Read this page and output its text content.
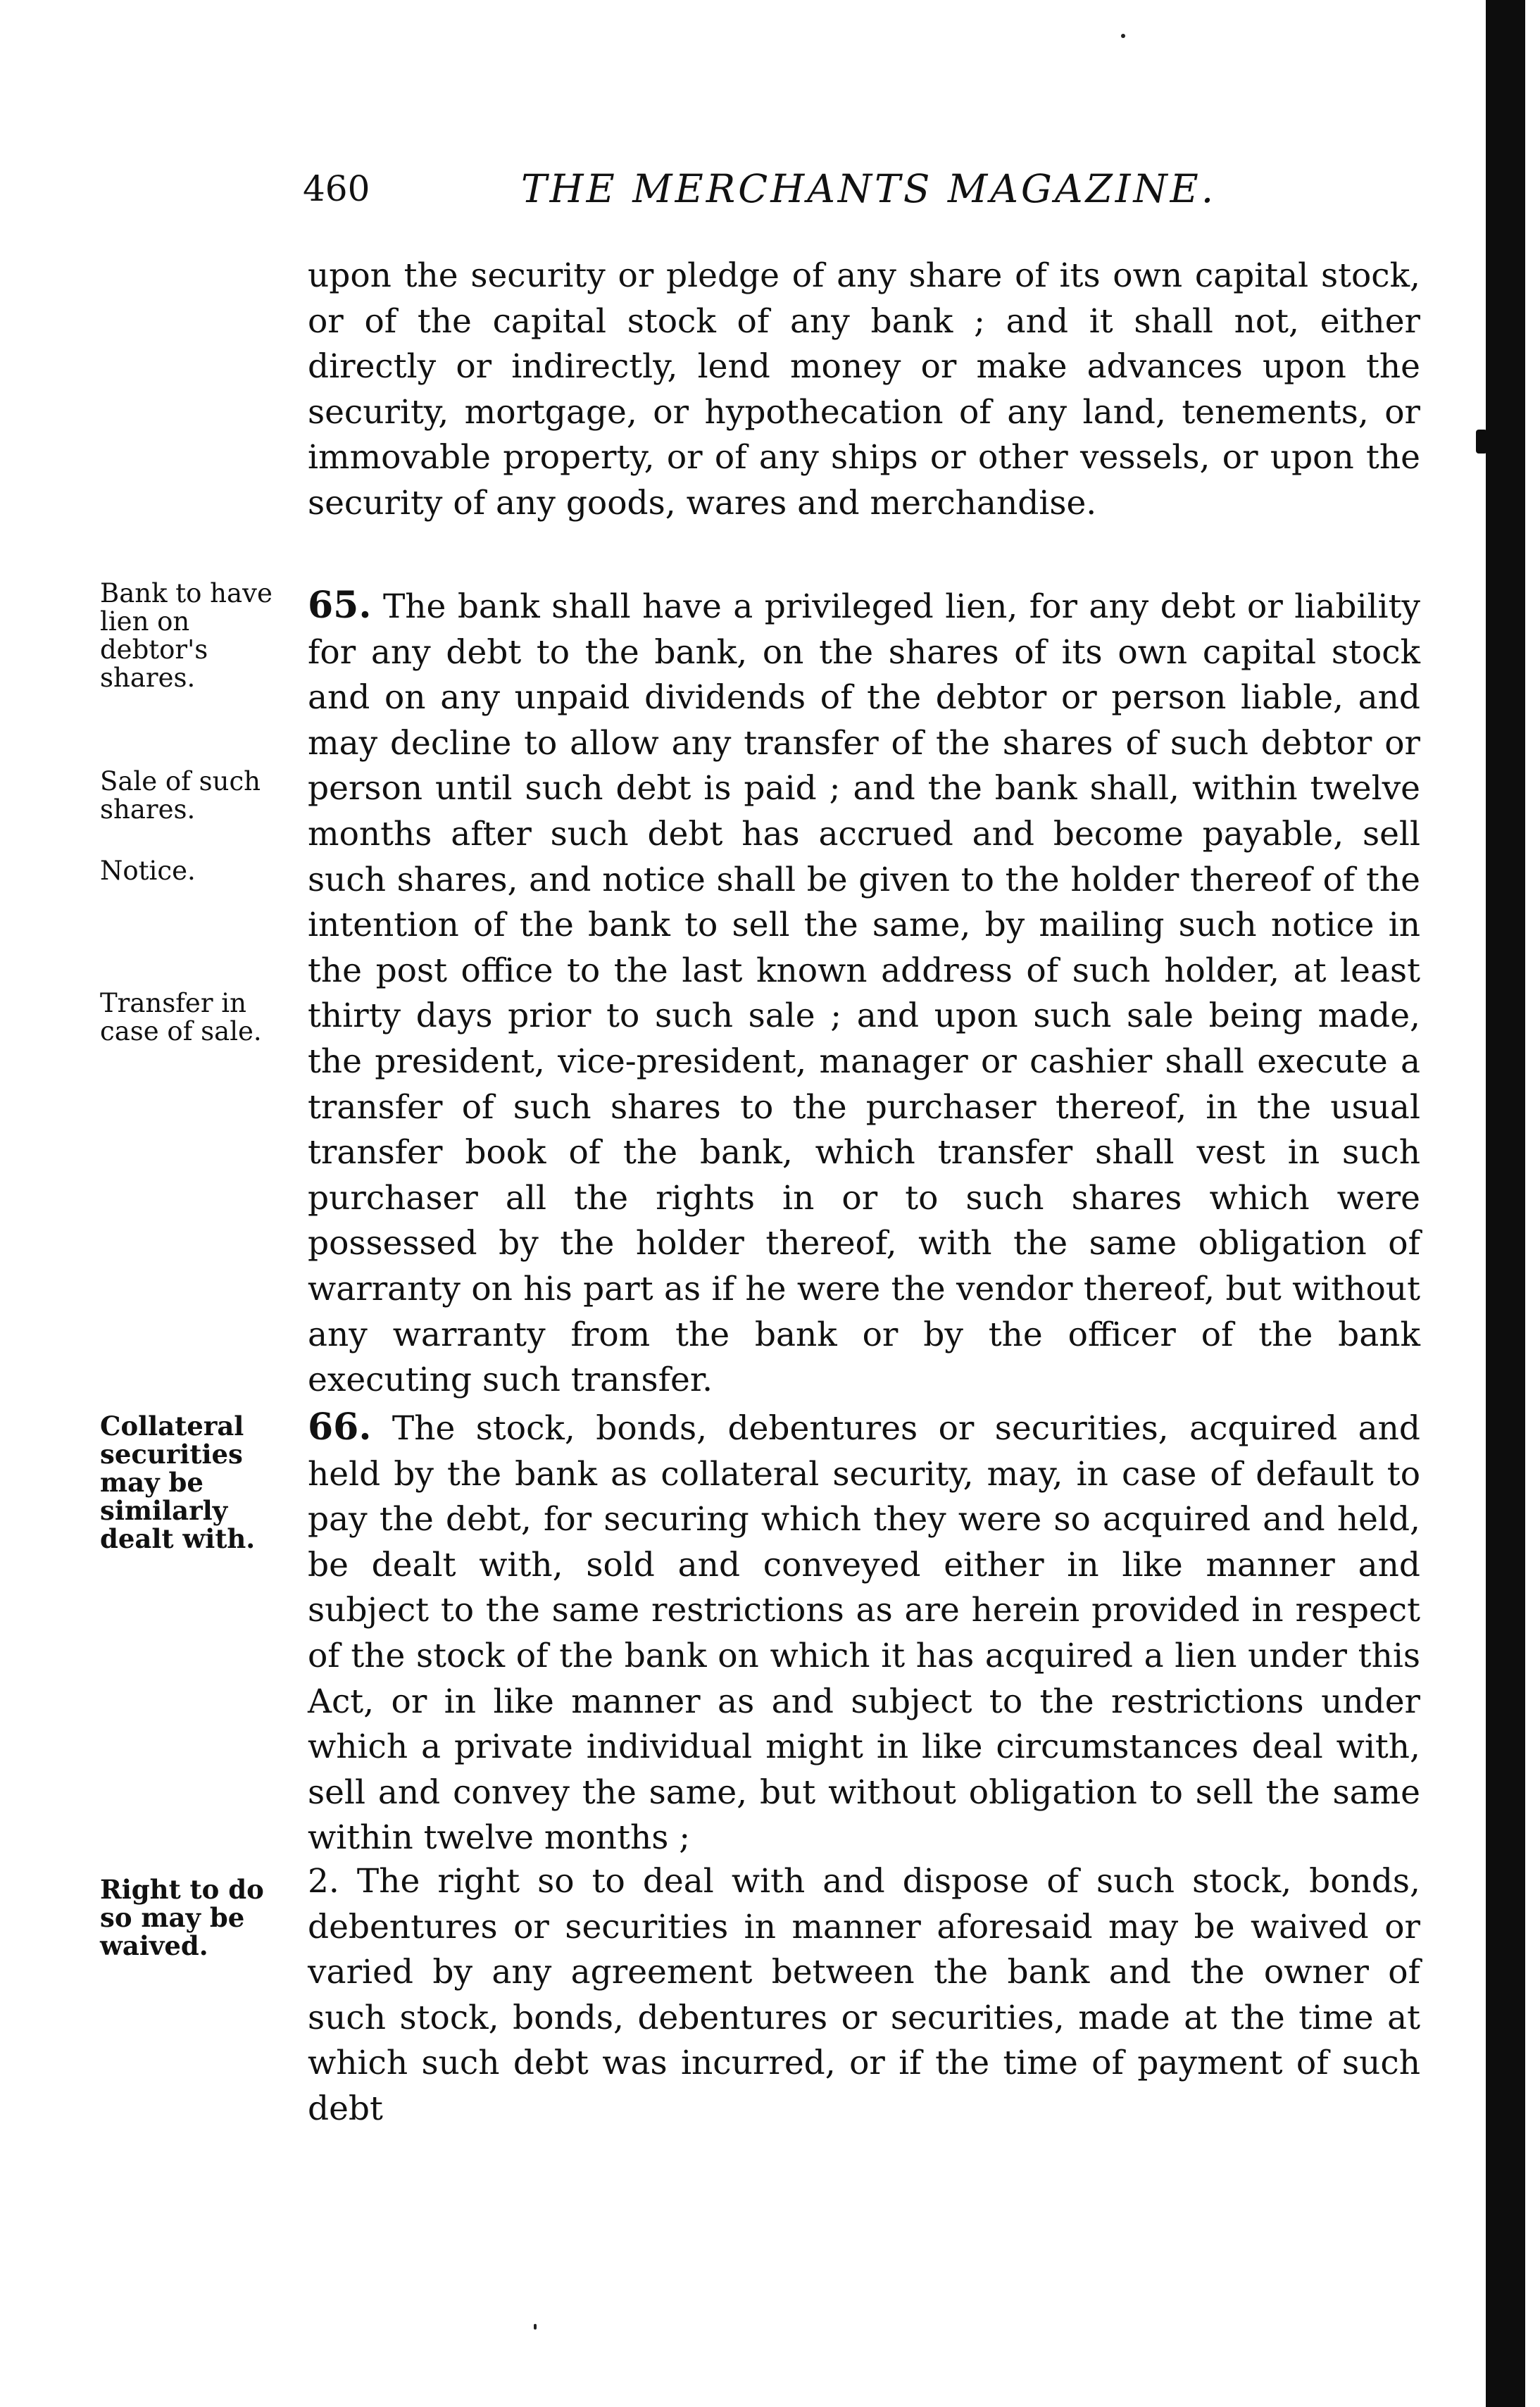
460	THE MERCHANTS MAGAZINE.

upon the security or pledge of any share of its own capital stock, or of the capital stock of any bank ; and it shall not, either directly or indirectly, lend money or make advances upon the security, mortgage, or hypothecation of any land, tenements, or immovable property, or of any ships or other vessels, or upon the security of any goods, wares and merchandise.

65. The bank shall have a privileged lien, for any debt or liability for any debt to the bank, on the shares of its own capital stock and on any unpaid dividends of the debtor or person liable, and may decline to allow any transfer of the shares of such debtor or person until such debt is paid ; and the bank shall, within twelve months after such debt has accrued and become payable, sell such shares, and notice shall be given to the holder thereof of the intention of the bank to sell the same, by mailing such notice in the post office to the last known address of such holder, at least thirty days prior to such sale ; and upon such sale being made, the president, vice-president, manager or cashier shall execute a transfer of such shares to the purchaser thereof, in the usual transfer book of the bank, which transfer shall vest in such purchaser all the rights in or to such shares which were possessed by the holder thereof, with the same obligation of warranty on his part as if he were the vendor thereof, but without any warranty from the bank or by the officer of the bank executing such transfer.

66. The stock, bonds, debentures or securities, acquired and held by the bank as collateral security, may, in case of default to pay the debt, for securing which they were so acquired and held, be dealt with, sold and conveyed either in like manner and subject to the same restrictions as are herein provided in respect of the stock of the bank on which it has acquired a lien under this Act, or in like manner as and subject to the restrictions under which a private individual might in like circumstances deal with, sell and convey the same, but without obligation to sell the same within twelve months ;

2. The right so to deal with and dispose of such stock, bonds, debentures or securities in manner aforesaid may be waived or varied by any agreement between the bank and the owner of such stock, bonds, debentures or securities, made at the time at which such debt was incurred, or if the time of payment of such debt

Bank to have lien on debtor's shares.

Sale of such shares.

Notice.

Transfer in case of sale.

Collateral securities may be similarly dealt with.

Right to do so may be waived.
